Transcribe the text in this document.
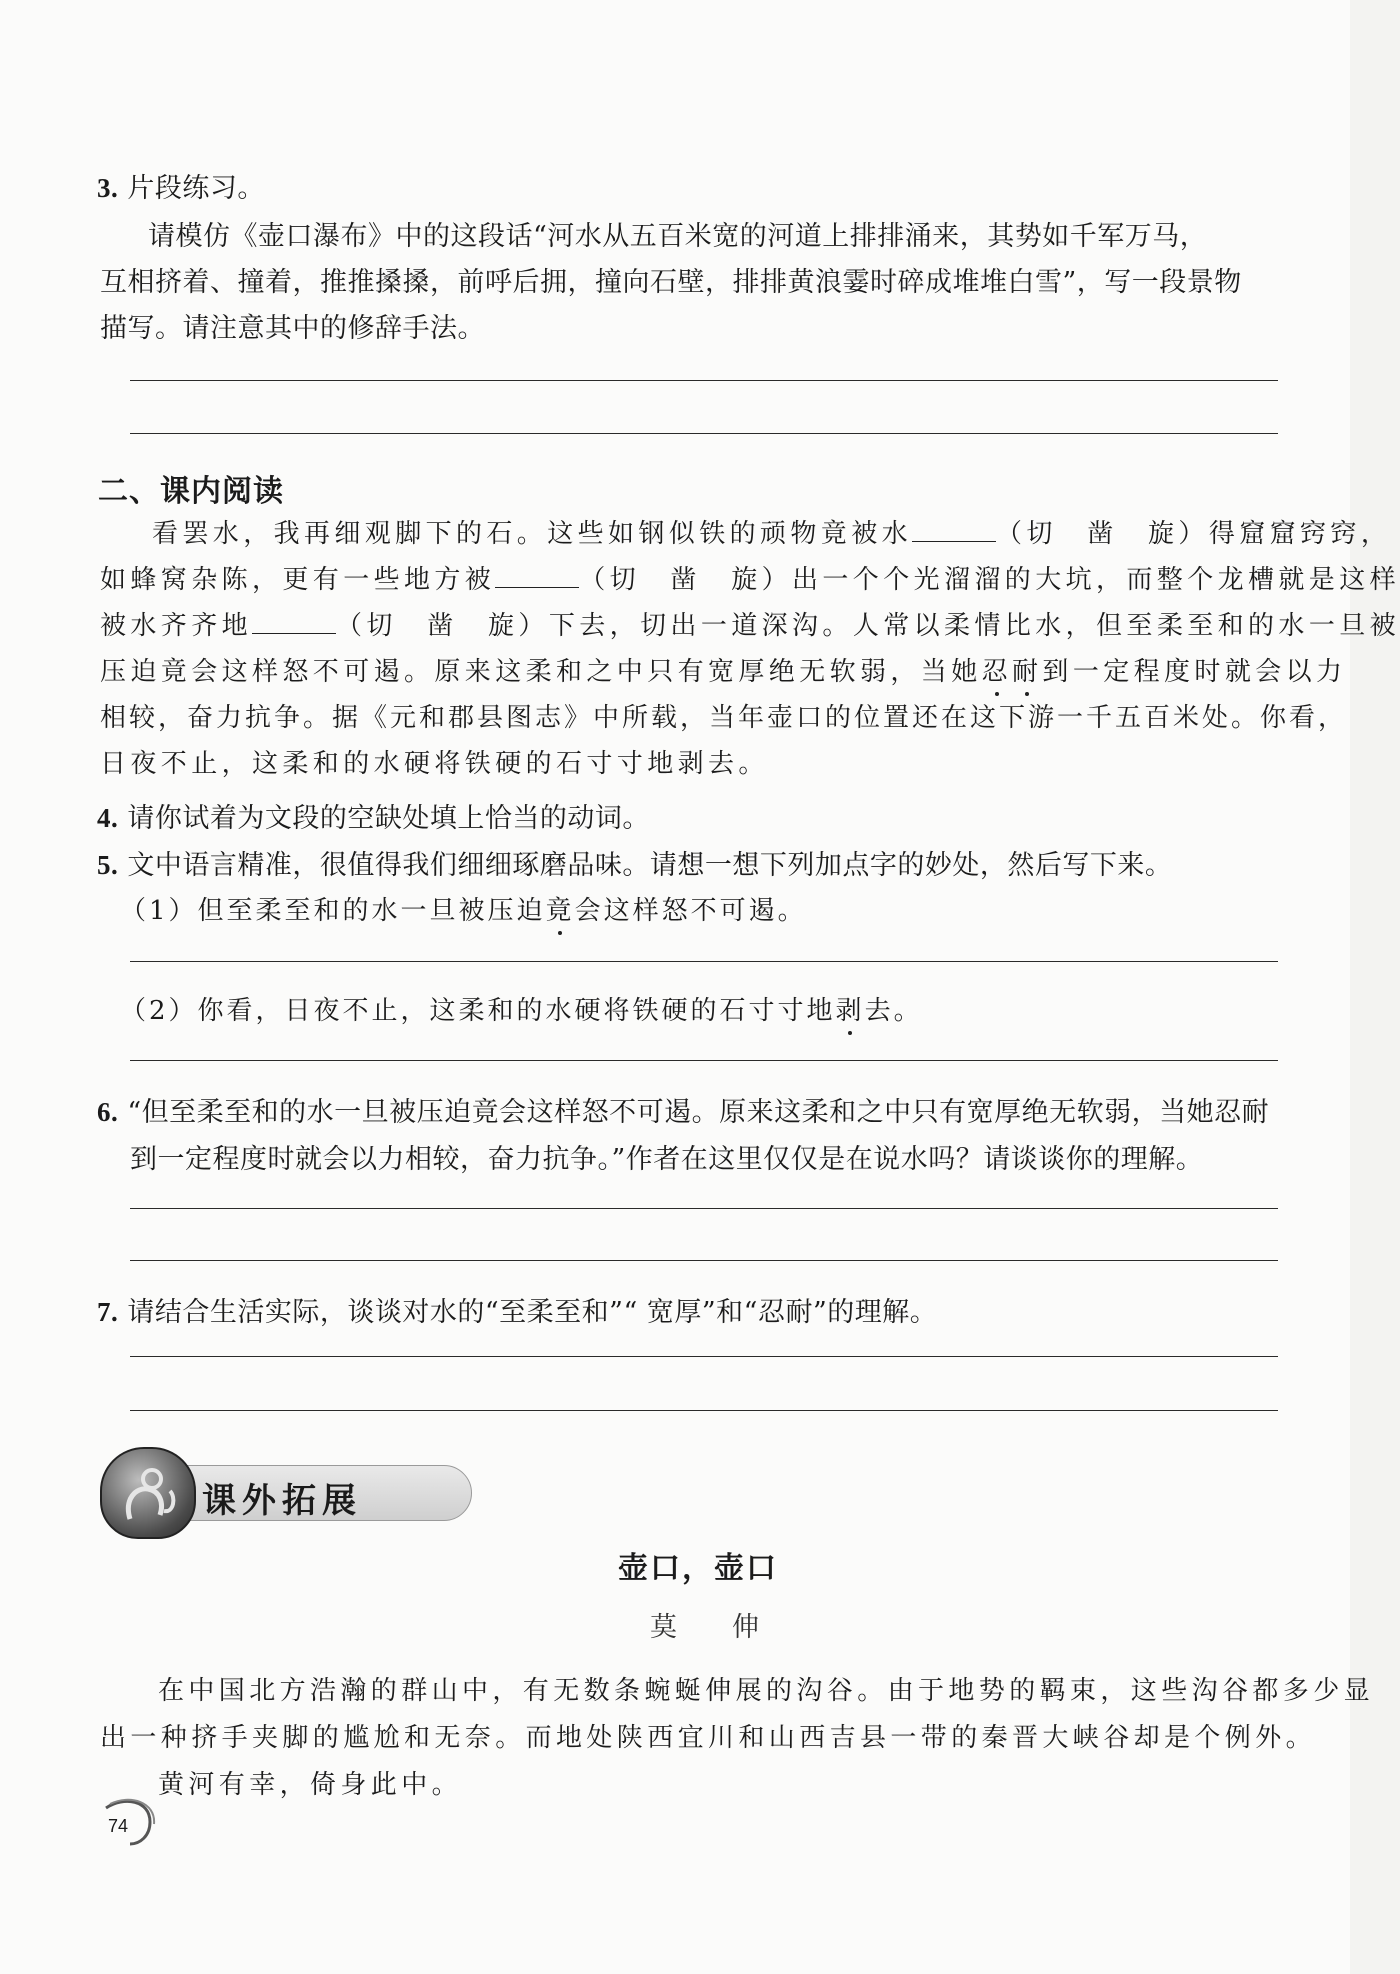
3. 片段练习。

请模仿《壶口瀑布》中的这段话“河水从五百米宽的河道上排排涌来，其势如千军万马，

互相挤着、撞着，推推搡搡，前呼后拥，撞向石壁，排排黄浪霎时碎成堆堆白雪”，写一段景物

描写。请注意其中的修辞手法。

二、课内阅读

看罢水，我再细观脚下的石。这些如钢似铁的顽物竟被水	（切　凿　旋）得窟窟窍窍，

如蜂窝杂陈，更有一些地方被	（切　凿　旋）出一个个光溜溜的大坑，而整个龙槽就是这样

被水齐齐地	（切　凿　旋）下去，切出一道深沟。人常以柔情比水，但至柔至和的水一旦被

压迫竟会这样怒不可遏。原来这柔和之中只有宽厚绝无软弱，当她忍耐到一定程度时就会以力

相较，奋力抗争。据《元和郡县图志》中所载，当年壶口的位置还在这下游一千五百米处。你看，

日夜不止，这柔和的水硬将铁硬的石寸寸地剥去。

4. 请你试着为文段的空缺处填上恰当的动词。

5. 文中语言精准，很值得我们细细琢磨品味。请想一想下列加点字的妙处，然后写下来。

（1）但至柔至和的水一旦被压迫竟会这样怒不可遏。

（2）你看，日夜不止，这柔和的水硬将铁硬的石寸寸地剥去。

6. “但至柔至和的水一旦被压迫竟会这样怒不可遏。原来这柔和之中只有宽厚绝无软弱，当她忍耐

到一定程度时就会以力相较，奋力抗争。”作者在这里仅仅是在说水吗？请谈谈你的理解。

7. 请结合生活实际，谈谈对水的“至柔至和”“ 宽厚”和“忍耐”的理解。

课外拓展

壶口，壶口

莫　伸

在中国北方浩瀚的群山中，有无数条蜿蜒伸展的沟谷。由于地势的羁束，这些沟谷都多少显

出一种挤手夹脚的尴尬和无奈。而地处陕西宜川和山西吉县一带的秦晋大峡谷却是个例外。

黄河有幸，倚身此中。

74
